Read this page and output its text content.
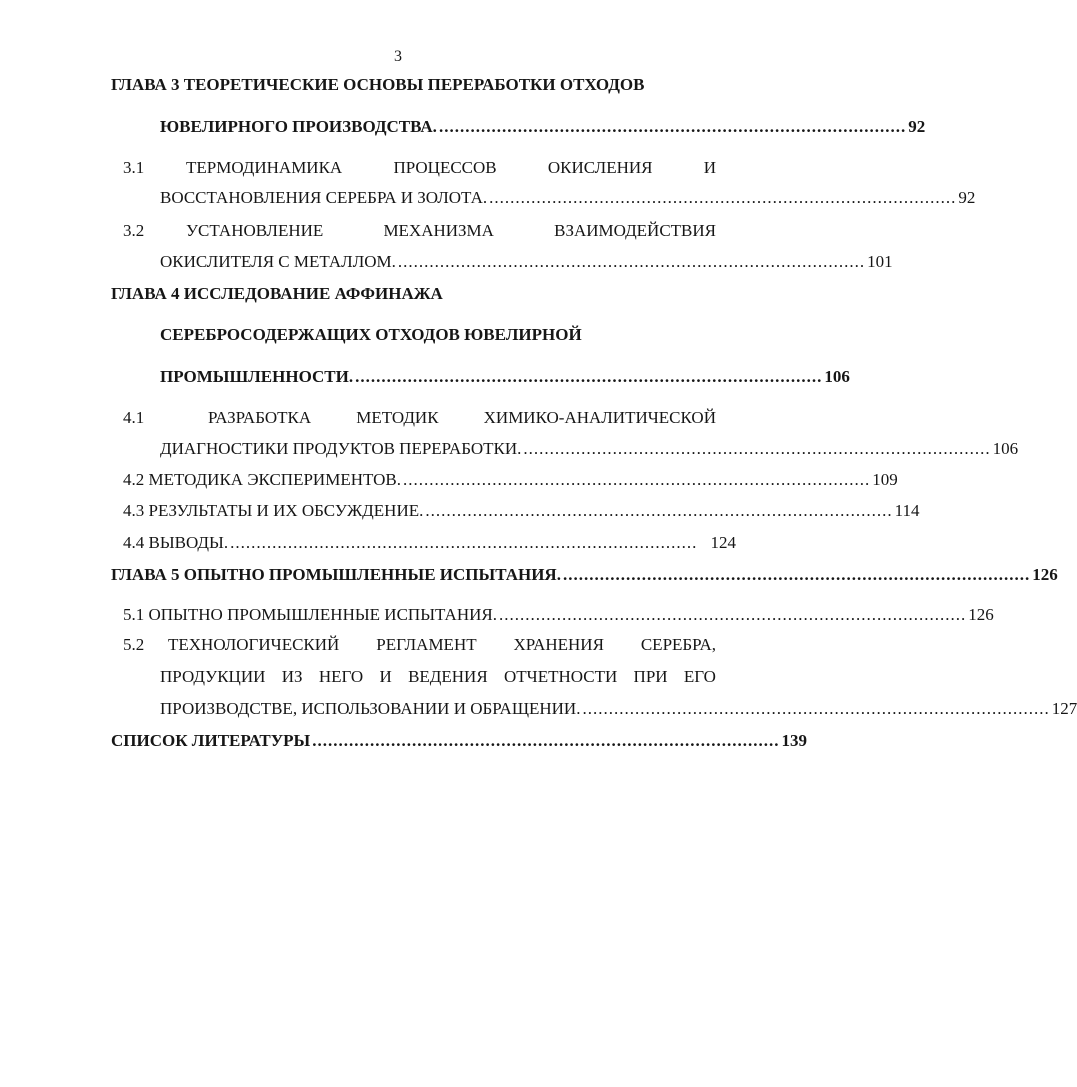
3
ГЛАВА 3 ТЕОРЕТИЧЕСКИЕ ОСНОВЫ ПЕРЕРАБОТКИ ОТХОДОВ
ЮВЕЛИРНОГО ПРОИЗВОДСТВА. ......................................................................................... 92
3.1 ТЕРМОДИНАМИКА	ПРОЦЕССОВ	ОКИСЛЕНИЯ	И
ВОССТАНОВЛЕНИЯ СЕРЕБРА И ЗОЛОТА. ......................................................................................... 92
3.2 УСТАНОВЛЕНИЕ	МЕХАНИЗМА	ВЗАИМОДЕЙСТВИЯ
ОКИСЛИТЕЛЯ С МЕТАЛЛОМ. ......................................................................................... 101
ГЛАВА 4 ИССЛЕДОВАНИЕ АФФИНАЖА
СЕРЕБРОСОДЕРЖАЩИХ ОТХОДОВ ЮВЕЛИРНОЙ
ПРОМЫШЛЕННОСТИ. ......................................................................................... 106
4.1	РАЗРАБОТКА	МЕТОДИК	ХИМИКО-АНАЛИТИЧЕСКОЙ
ДИАГНОСТИКИ ПРОДУКТОВ ПЕРЕРАБОТКИ. ......................................................................................... 106
4.2 МЕТОДИКА ЭКСПЕРИМЕНТОВ. ......................................................................................... 109
4.3 РЕЗУЛЬТАТЫ И ИХ ОБСУЖДЕНИЕ. ......................................................................................... 114
4.4 ВЫВОДЫ. ......................................................................................... 124
ГЛАВА 5 ОПЫТНО ПРОМЫШЛЕННЫЕ ИСПЫТАНИЯ. ......................................................................................... 126
5.1 ОПЫТНО ПРОМЫШЛЕННЫЕ ИСПЫТАНИЯ. ......................................................................................... 126
5.2 ТЕХНОЛОГИЧЕСКИЙ РЕГЛАМЕНТ ХРАНЕНИЯ СЕРЕБРА,
ПРОДУКЦИИ ИЗ НЕГО И ВЕДЕНИЯ ОТЧЕТНОСТИ ПРИ ЕГО
ПРОИЗВОДСТВЕ, ИСПОЛЬЗОВАНИИ И ОБРАЩЕНИИ. ......................................................................................... 127
СПИСОК ЛИТЕРАТУРЫ ......................................................................................... 139
